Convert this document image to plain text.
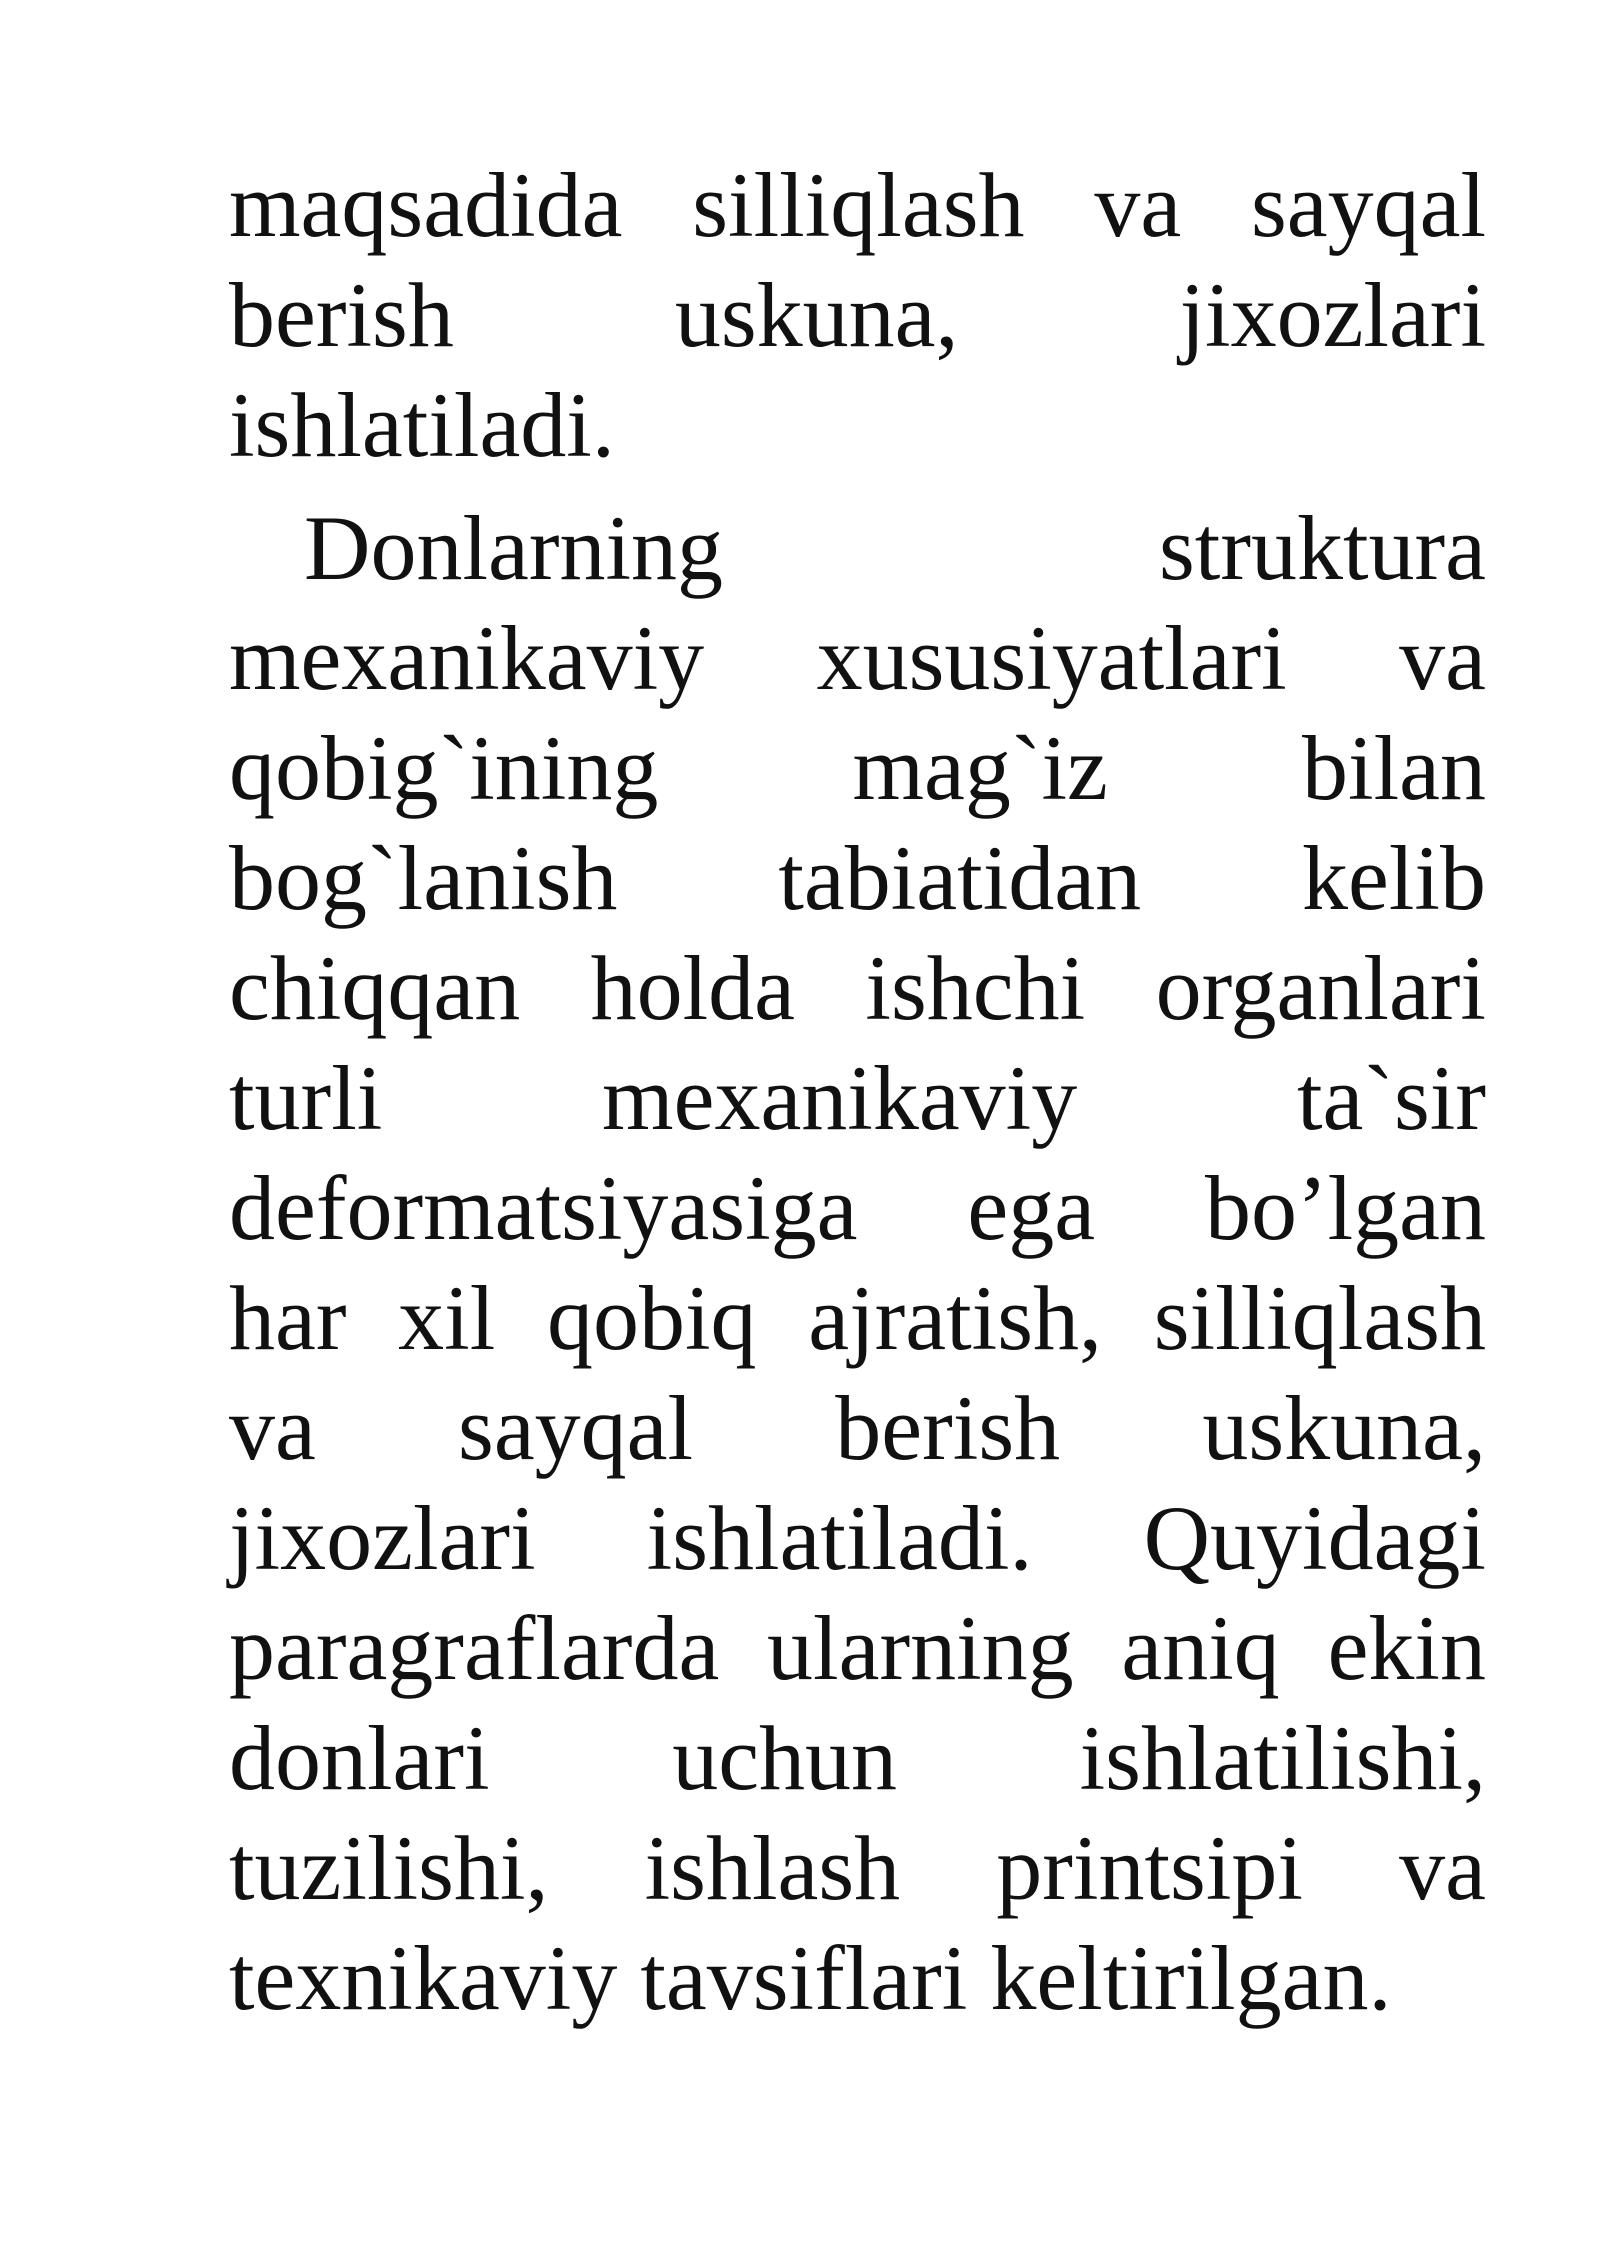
maqsadida silliqlash va sayqal
berish uskuna, jixozlari
ishlatiladi.
Donlarning	struktura
mexanikaviy xususiyatlari va
qobig`ining mag`iz bilan
bog`lanish tabiatidan kelib
chiqqan holda ishchi organlari
turli mexanikaviy ta`sir
deformatsiyasiga ega bo’lgan
har xil qobiq ajratish, silliqlash
va sayqal berish uskuna,
jixozlari ishlatiladi. Quyidagi
paragraflarda ularning aniq ekin
donlari uchun ishlatilishi,
tuzilishi, ishlash printsipi va
texnikaviy tavsiflari keltirilgan.
